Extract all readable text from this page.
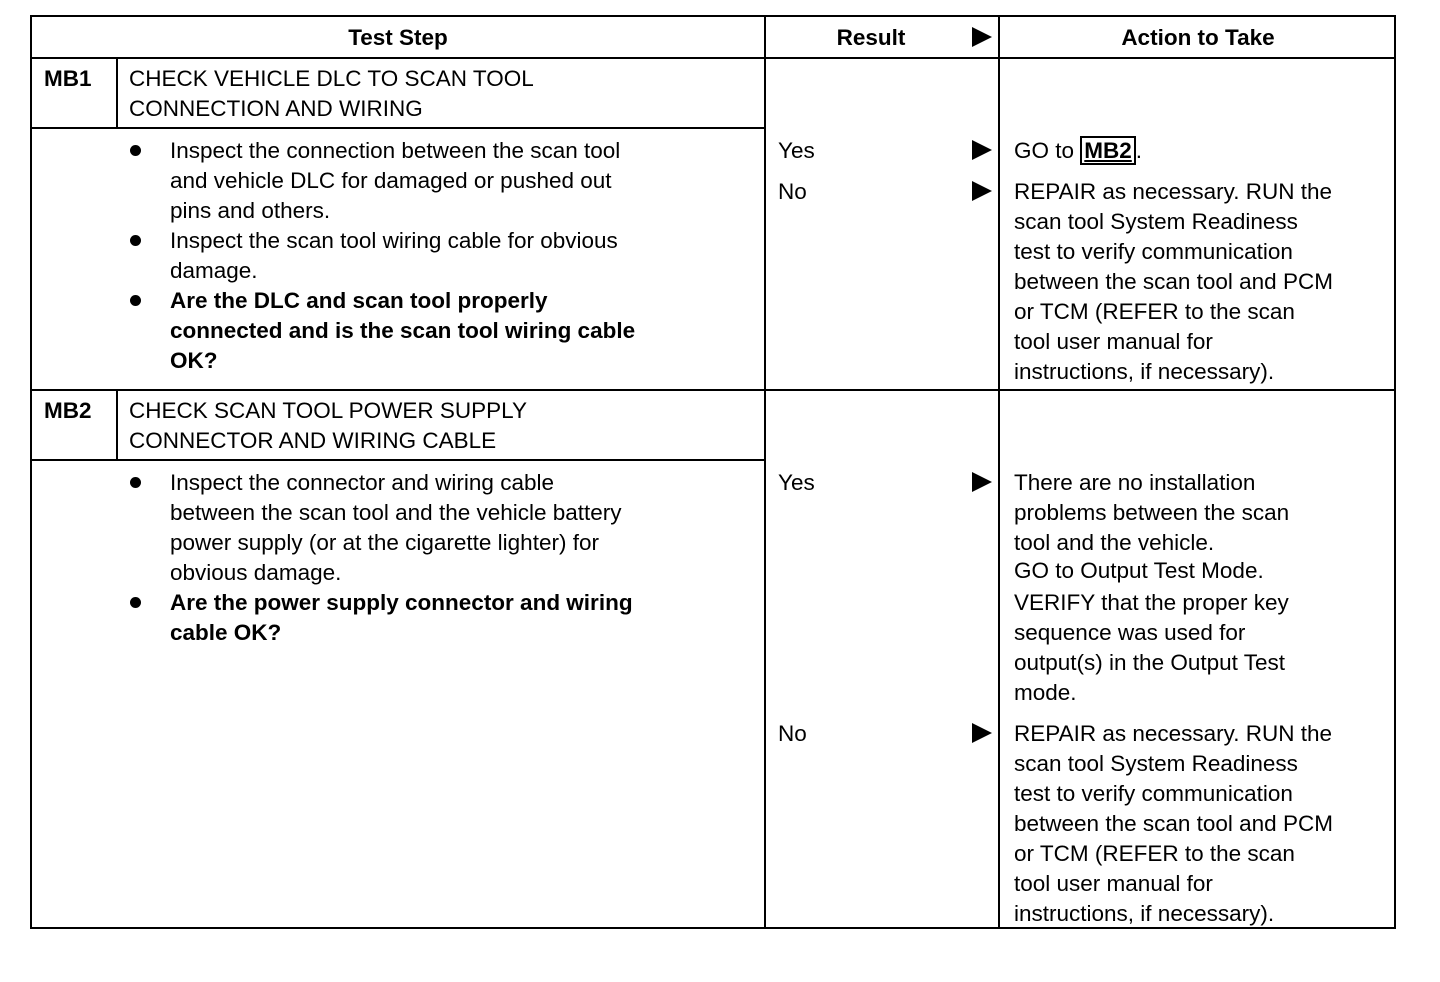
Test Step	Result	Action to Take
MB1 CHECK VEHICLE DLC TO SCAN TOOL
CONNECTION AND WIRING
Inspect the connection between the scan tool
and vehicle DLC for damaged or pushed out
pins and others.
Inspect the scan tool wiring cable for obvious
damage.
Are the DLC and scan tool properly
connected and is the scan tool wiring cable
OK?
Yes	GO to MB2 .
No	REPAIR as necessary. RUN the
scan tool System Readiness
test to verify communication
between the scan tool and PCM
or TCM (REFER to the scan
tool user manual for
instructions, if necessary).
MB2 CHECK SCAN TOOL POWER SUPPLY
CONNECTOR AND WIRING CABLE
Inspect the connector and wiring cable
between the scan tool and the vehicle battery
power supply (or at the cigarette lighter) for
obvious damage.
Are the power supply connector and wiring
cable OK?
Yes	There are no installation
problems between the scan
tool and the vehicle.
GO to Output Test Mode.
VERIFY that the proper key
sequence was used for
output(s) in the Output Test
mode.
No	REPAIR as necessary. RUN the
scan tool System Readiness
test to verify communication
between the scan tool and PCM
or TCM (REFER to the scan
tool user manual for
instructions, if necessary).
